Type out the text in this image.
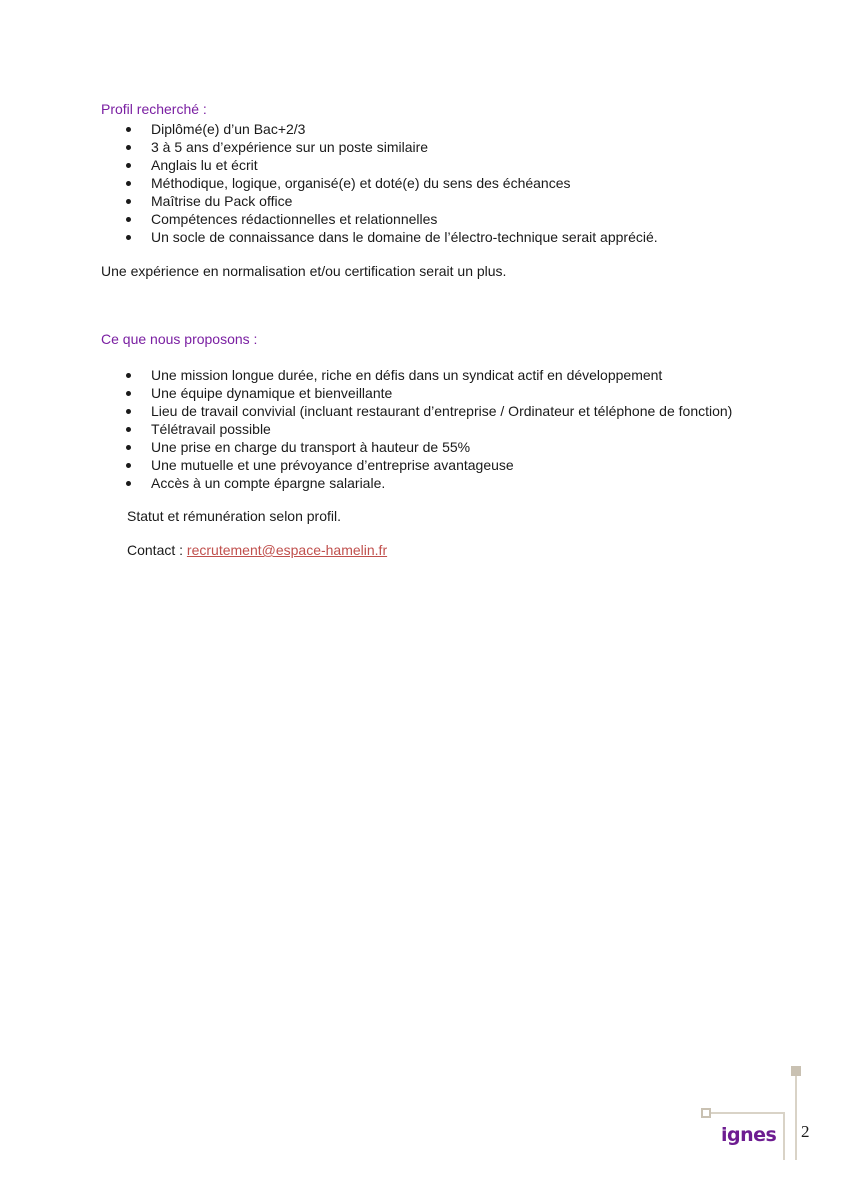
Profil recherché :
Diplômé(e) d’un Bac+2/3
3 à 5 ans d’expérience sur un poste similaire
Anglais lu et écrit
Méthodique, logique, organisé(e) et doté(e) du sens des échéances
Maîtrise du Pack office
Compétences rédactionnelles et relationnelles
Un socle de connaissance dans le domaine de l’électro-technique serait apprécié.

Une expérience en normalisation et/ou certification serait un plus.

Ce que nous proposons :
Une mission longue durée, riche en défis dans un syndicat actif en développement
Une équipe dynamique et bienveillante
Lieu de travail convivial (incluant restaurant d’entreprise / Ordinateur et téléphone de fonction)
Télétravail possible
Une prise en charge du transport à hauteur de 55%
Une mutuelle et une prévoyance d’entreprise avantageuse
Accès à un compte épargne salariale.

Statut et rémunération selon profil.

Contact : recrutement@espace-hamelin.fr

ignes 2
